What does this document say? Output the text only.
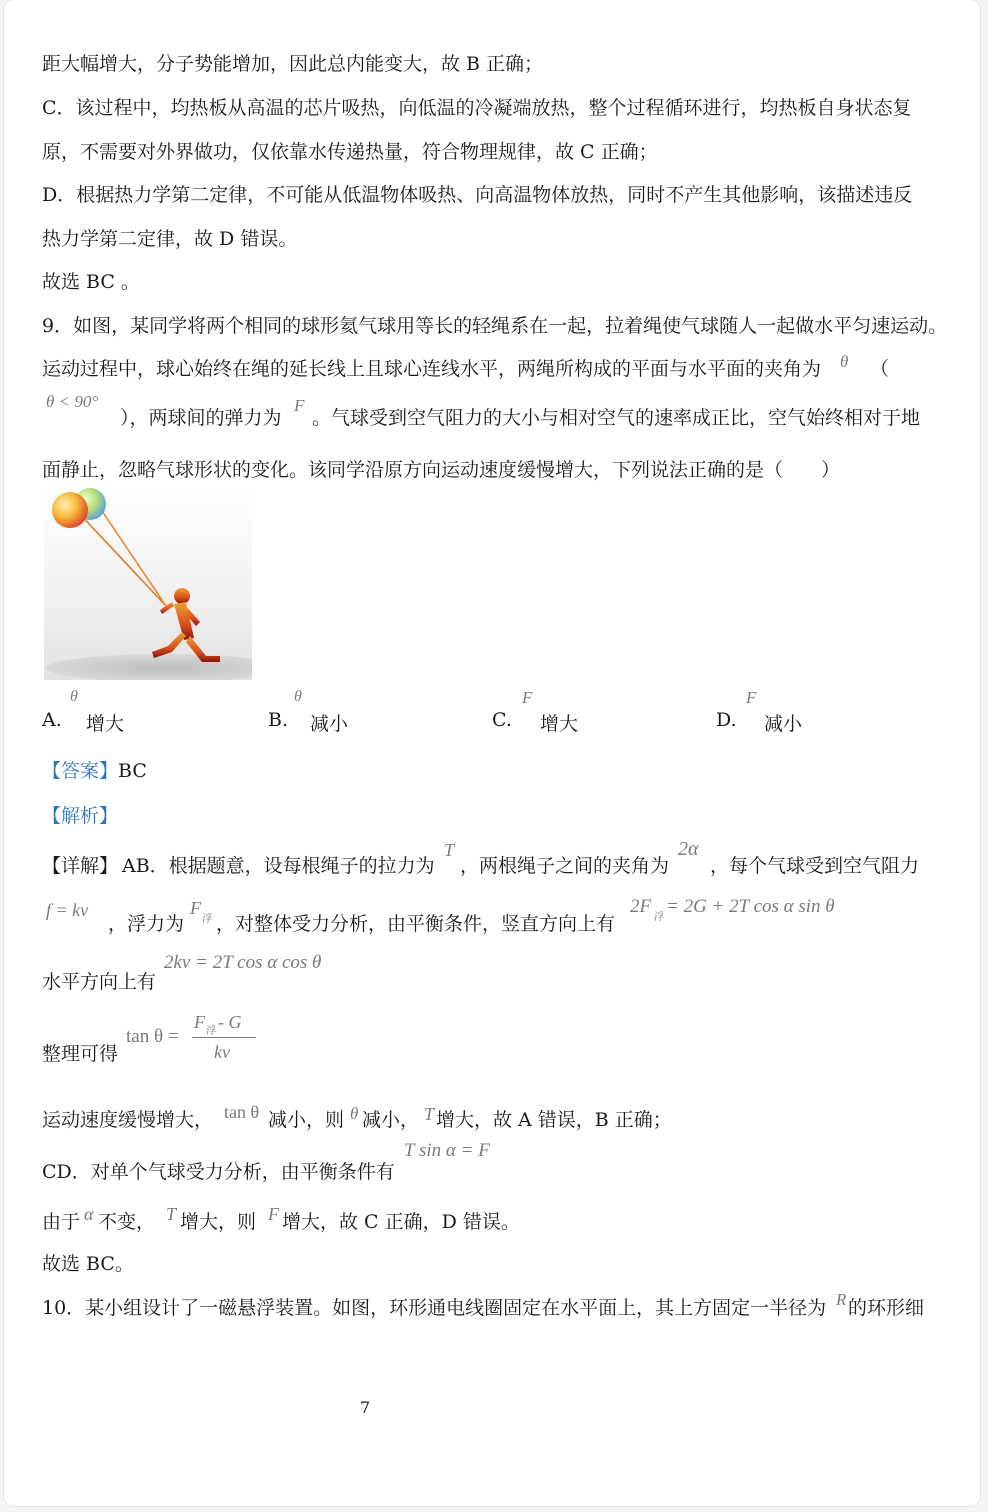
距大幅增大，分子势能增加，因此总内能变大，故 B 正确；
C．该过程中，均热板从高温的芯片吸热，向低温的冷凝端放热，整个过程循环进行，均热板自身状态复
原，不需要对外界做功，仅依靠水传递热量，符合物理规律，故 C 正确；
D．根据热力学第二定律，不可能从低温物体吸热、向高温物体放热，同时不产生其他影响，该描述违反
热力学第二定律，故 D 错误。
故选 BC 。
9．如图，某同学将两个相同的球形氦气球用等长的轻绳系在一起，拉着绳使气球随人一起做水平匀速运动。
运动过程中，球心始终在绳的延长线上且球心连线水平，两绳所构成的平面与水平面的夹角为 θ （
θ < 90°
），两球间的弹力为
F
。气球受到空气阻力的大小与相对空气的速率成正比，空气始终相对于地
面静止，忽略气球形状的变化。该同学沿原方向运动速度缓慢增大，下列说法正确的是（　　）
A.
θ
增大	B.
θ
减小	C.
F
增大	D.
F
减小
【答案】BC
【解析】
【详解】 AB．根据题意，设每根绳子的拉力为
T
，两根绳子之间的夹角为
2α
，每个气球受到空气阻力
f = kv
，浮力为
F
浮 ，对整体受力分析，由平衡条件，竖直方向上有
2F
浮
= 2G + 2T cos α sin θ
水平方向上有
2kv = 2T cos α cos θ
整理可得
tan θ =
F 浮 - G
kv
运动速度缓慢增大， tan θ 减小，则 θ 减小， T 增大，故 A 错误，B 正确；
CD．对单个气球受力分析，由平衡条件有
T sin α = F
由于 α 不变， T 增大，则 F 增大，故 C 正确，D 错误。
故选 BC。
10．某小组设计了一磁悬浮装置。如图，环形通电线圈固定在水平面上，其上方固定一半径为 R 的环形细
7
